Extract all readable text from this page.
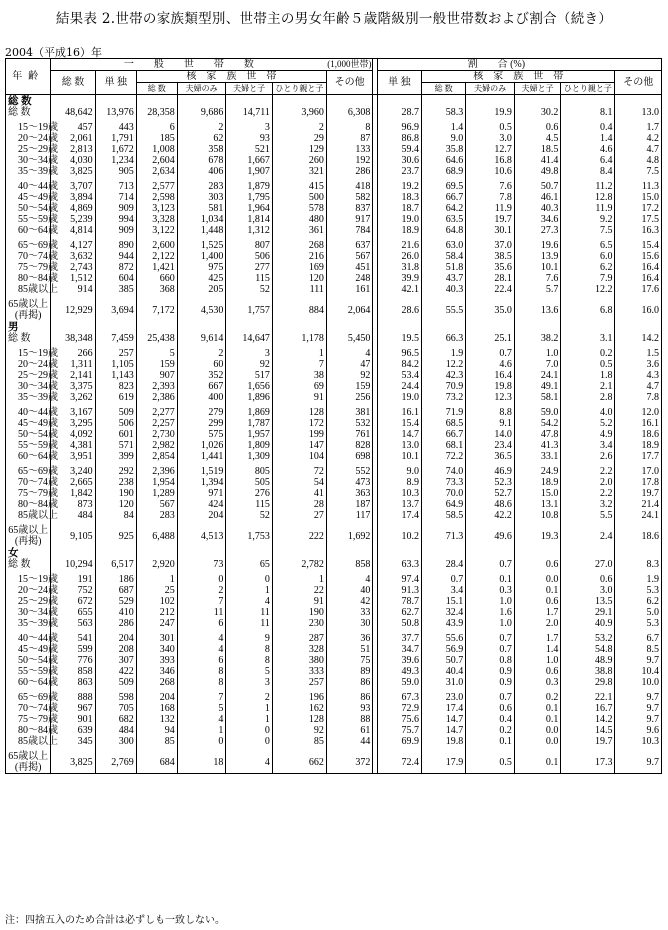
結果表 2.世帯の家族類型別、世帯主の男女年齢５歳階級別一般世帯数および割合（続き）
2004（平成16）年
年齢	一　　般　　世　　帯　　数						(1,000世帯)		割　　合 (%)					
	総 数	単 独	核　家　族　世　帯				その他		単 独	核　家　族　世　帯				その他
			総 数	夫婦のみ	夫婦と子	ひとり親と子				総 数	夫婦のみ	夫婦と子	ひとり親と子	
総 数														
総 数	48,642	13,976	28,358	9,686	14,711	3,960	6,308		28.7	58.3	19.9	30.2	8.1	13.0

15～19歳	457	443	6	2	3	2	8		96.9	1.4	0.5	0.6	0.4	1.7
20～24歳	2,061	1,791	185	62	93	29	87		86.8	9.0	3.0	4.5	1.4	4.2
25～29歳	2,813	1,672	1,008	358	521	129	133		59.4	35.8	12.7	18.5	4.6	4.7
30～34歳	4,030	1,234	2,604	678	1,667	260	192		30.6	64.6	16.8	41.4	6.4	4.8
35～39歳	3,825	905	2,634	406	1,907	321	286		23.7	68.9	10.6	49.8	8.4	7.5

40～44歳	3,707	713	2,577	283	1,879	415	418		19.2	69.5	7.6	50.7	11.2	11.3
45～49歳	3,894	714	2,598	303	1,795	500	582		18.3	66.7	7.8	46.1	12.8	15.0
50～54歳	4,869	909	3,123	581	1,964	578	837		18.7	64.2	11.9	40.3	11.9	17.2
55～59歳	5,239	994	3,328	1,034	1,814	480	917		19.0	63.5	19.7	34.6	9.2	17.5
60～64歳	4,814	909	3,122	1,448	1,312	361	784		18.9	64.8	30.1	27.3	7.5	16.3

65～69歳	4,127	890	2,600	1,525	807	268	637		21.6	63.0	37.0	19.6	6.5	15.4
70～74歳	3,632	944	2,122	1,400	506	216	567		26.0	58.4	38.5	13.9	6.0	15.6
75～79歳	2,743	872	1,421	975	277	169	451		31.8	51.8	35.6	10.1	6.2	16.4
80～84歳	1,512	604	660	425	115	120	248		39.9	43.7	28.1	7.6	7.9	16.4
85歳以上	914	385	368	205	52	111	161		42.1	40.3	22.4	5.7	12.2	17.6

65歳以上
(再掲)	12,929	3,694	7,172	4,530	1,757	884	2,064		28.6	55.5	35.0	13.6	6.8	16.0
男														
総 数	38,348	7,459	25,438	9,614	14,647	1,178	5,450		19.5	66.3	25.1	38.2	3.1	14.2

15～19歳	266	257	5	2	3	1	4		96.5	1.9	0.7	1.0	0.2	1.5
20～24歳	1,311	1,105	159	60	92	7	47		84.2	12.2	4.6	7.0	0.5	3.6
25～29歳	2,141	1,143	907	352	517	38	92		53.4	42.3	16.4	24.1	1.8	4.3
30～34歳	3,375	823	2,393	667	1,656	69	159		24.4	70.9	19.8	49.1	2.1	4.7
35～39歳	3,262	619	2,386	400	1,896	91	256		19.0	73.2	12.3	58.1	2.8	7.8

40～44歳	3,167	509	2,277	279	1,869	128	381		16.1	71.9	8.8	59.0	4.0	12.0
45～49歳	3,295	506	2,257	299	1,787	172	532		15.4	68.5	9.1	54.2	5.2	16.1
50～54歳	4,092	601	2,730	575	1,957	199	761		14.7	66.7	14.0	47.8	4.9	18.6
55～59歳	4,381	571	2,982	1,026	1,809	147	828		13.0	68.1	23.4	41.3	3.4	18.9
60～64歳	3,951	399	2,854	1,441	1,309	104	698		10.1	72.2	36.5	33.1	2.6	17.7

65～69歳	3,240	292	2,396	1,519	805	72	552		9.0	74.0	46.9	24.9	2.2	17.0
70～74歳	2,665	238	1,954	1,394	505	54	473		8.9	73.3	52.3	18.9	2.0	17.8
75～79歳	1,842	190	1,289	971	276	41	363		10.3	70.0	52.7	15.0	2.2	19.7
80～84歳	873	120	567	424	115	28	187		13.7	64.9	48.6	13.1	3.2	21.4
85歳以上	484	84	283	204	52	27	117		17.4	58.5	42.2	10.8	5.5	24.1

65歳以上
(再掲)	9,105	925	6,488	4,513	1,753	222	1,692		10.2	71.3	49.6	19.3	2.4	18.6
女														
総 数	10,294	6,517	2,920	73	65	2,782	858		63.3	28.4	0.7	0.6	27.0	8.3

15～19歳	191	186	1	0	0	1	4		97.4	0.7	0.1	0.0	0.6	1.9
20～24歳	752	687	25	2	1	22	40		91.3	3.4	0.3	0.1	3.0	5.3
25～29歳	672	529	102	7	4	91	42		78.7	15.1	1.0	0.6	13.5	6.2
30～34歳	655	410	212	11	11	190	33		62.7	32.4	1.6	1.7	29.1	5.0
35～39歳	563	286	247	6	11	230	30		50.8	43.9	1.0	2.0	40.9	5.3

40～44歳	541	204	301	4	9	287	36		37.7	55.6	0.7	1.7	53.2	6.7
45～49歳	599	208	340	4	8	328	51		34.7	56.9	0.7	1.4	54.8	8.5
50～54歳	776	307	393	6	8	380	75		39.6	50.7	0.8	1.0	48.9	9.7
55～59歳	858	422	346	8	5	333	89		49.3	40.4	0.9	0.6	38.8	10.4
60～64歳	863	509	268	8	3	257	86		59.0	31.0	0.9	0.3	29.8	10.0

65～69歳	888	598	204	7	2	196	86		67.3	23.0	0.7	0.2	22.1	9.7
70～74歳	967	705	168	5	1	162	93		72.9	17.4	0.6	0.1	16.7	9.7
75～79歳	901	682	132	4	1	128	88		75.6	14.7	0.4	0.1	14.2	9.7
80～84歳	639	484	94	1	0	92	61		75.7	14.7	0.2	0.0	14.5	9.6
85歳以上	345	300	85	0	0	85	44		69.9	19.8	0.1	0.0	19.7	10.3

65歳以上
(再掲)	3,825	2,769	684	18	4	662	372		72.4	17.9	0.5	0.1	17.3	9.7
注：四捨五入のため合計は必ずしも一致しない。
